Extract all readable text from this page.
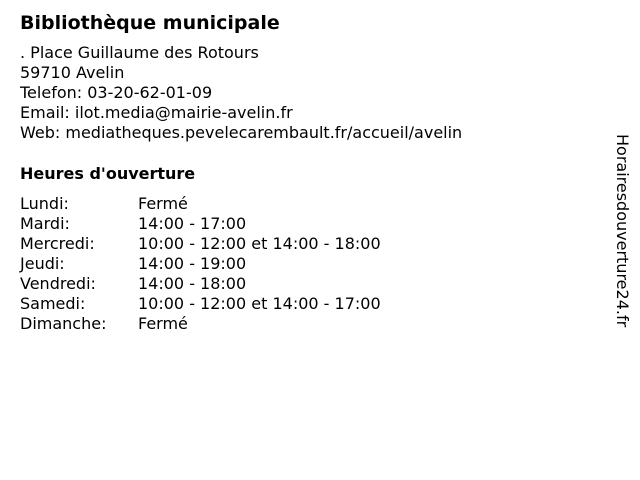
Bibliothèque municipale
. Place Guillaume des Rotours
59710 Avelin
Telefon: 03-20-62-01-09
Email: ilot.media@mairie-avelin.fr
Web: mediatheques.pevelecarembault.fr/accueil/avelin
Heures d'ouverture
Lundi:	Fermé
Mardi:	14:00 - 17:00
Mercredi:	10:00 - 12:00 et 14:00 - 18:00
Jeudi:	14:00 - 19:00
Vendredi:	14:00 - 18:00
Samedi:	10:00 - 12:00 et 14:00 - 17:00
Dimanche:	Fermé	Horairesdouverture24.fr
